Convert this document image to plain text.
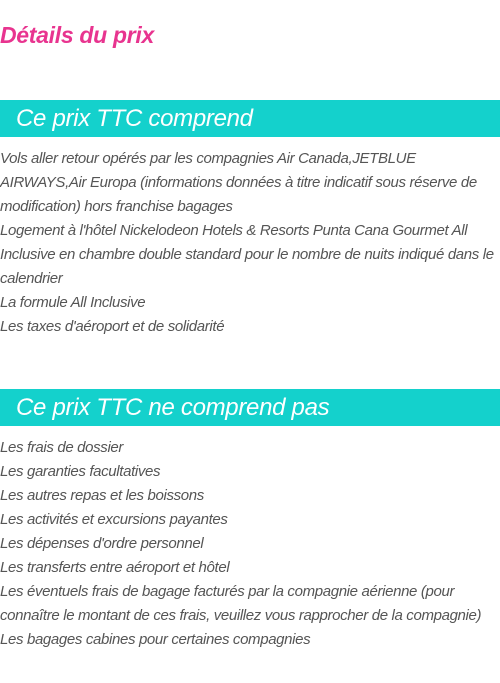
Détails du prix
Ce prix TTC comprend
Vols aller retour opérés par les compagnies Air Canada,JETBLUE AIRWAYS,Air Europa (informations données à titre indicatif sous réserve de modification) hors franchise bagages
Logement à l'hôtel Nickelodeon Hotels & Resorts Punta Cana Gourmet All Inclusive en chambre double standard pour le nombre de nuits indiqué dans le calendrier
La formule All Inclusive
Les taxes d'aéroport et de solidarité
Ce prix TTC ne comprend pas
Les frais de dossier
Les garanties facultatives
Les autres repas et les boissons
Les activités et excursions payantes
Les dépenses d'ordre personnel
Les transferts entre aéroport et hôtel
Les éventuels frais de bagage facturés par la compagnie aérienne (pour connaître le montant de ces frais, veuillez vous rapprocher de la compagnie)
Les bagages cabines pour certaines compagnies
